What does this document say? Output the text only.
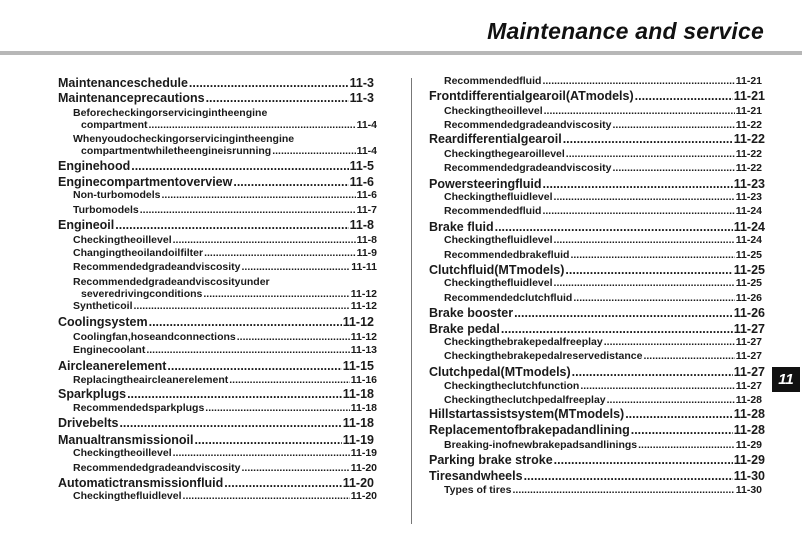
Maintenance and service
11
Maintenanceschedule .....	11-3
Maintenanceprecautions .....	11-3
Beforecheckingorservicingintheengine
compartment .....	11-4
Whenyoudocheckingorservicingintheengine
compartmentwhiletheengineisrunning .....	11-4
Enginehood .....	11-5
Enginecompartmentoverview .....	11-6
Non-turbomodels .....	11-6
Turbomodels .....	11-7
Engineoil .....	11-8
Checkingtheoillevel .....	11-8
Changingtheoilandoilfilter .....	11-9
Recommendedgradeandviscosity .....	11-11
Recommendedgradeandviscosityunder
severedrivingconditions .....	11-12
Syntheticoil .....	11-12
Coolingsystem .....	11-12
Coolingfan,hoseandconnections .....	11-12
Enginecoolant .....	11-13
Aircleanerelement .....	11-15
Replacingtheaircleanerelement .....	11-16
Sparkplugs .....	11-18
Recommendedsparkplugs .....	11-18
Drivebelts .....	11-18
Manualtransmissionoil .....	11-19
Checkingtheoillevel .....	11-19
Recommendedgradeandviscosity .....	11-20
Automatictransmissionfluid .....	11-20
Checkingthefluidlevel .....	11-20
Recommendedfluid .....	11-21
Frontdifferentialgearoil(ATmodels) .....	11-21
Checkingtheoillevel .....	11-21
Recommendedgradeandviscosity .....	11-22
Reardifferentialgearoil .....	11-22
Checkingthegearoillevel .....	11-22
Recommendedgradeandviscosity .....	11-22
Powersteeringfluid .....	11-23
Checkingthefluidlevel .....	11-23
Recommendedfluid .....	11-24
Brake fluid .....	11-24
Checkingthefluidlevel .....	11-24
Recommendedbrakefluid .....	11-25
Clutchfluid(MTmodels) .....	11-25
Checkingthefluidlevel .....	11-25
Recommendedclutchfluid .....	11-26
Brake booster .....	11-26
Brake pedal .....	11-27
Checkingthebrakepedalfreeplay .....	11-27
Checkingthebrakepedalreservedistance .....	11-27
Clutchpedal(MTmodels) .....	11-27
Checkingtheclutchfunction .....	11-27
Checkingtheclutchpedalfreeplay .....	11-28
Hillstartassistsystem(MTmodels) .....	11-28
Replacementofbrakepadandlining .....	11-28
Breaking-inofnewbrakepadsandlinings .....	11-29
Parking brake stroke .....	11-29
Tiresandwheels .....	11-30
Types of tires .....	11-30
